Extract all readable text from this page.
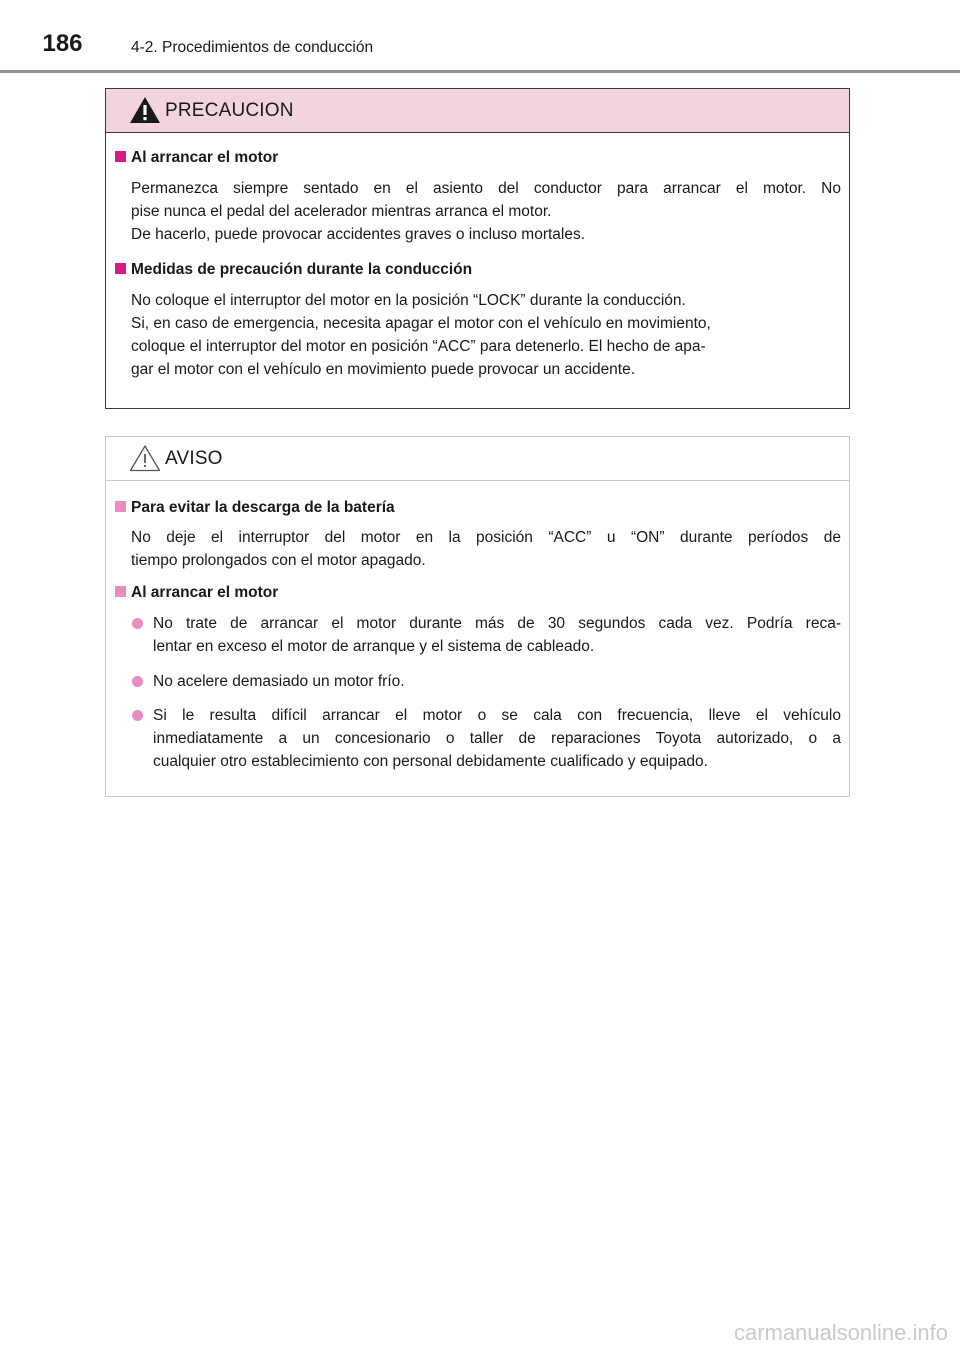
186	4-2. Procedimientos de conducción
PRECAUCION
Al arrancar el motor
Permanezca siempre sentado en el asiento del conductor para arrancar el motor. No
pise nunca el pedal del acelerador mientras arranca el motor.
De hacerlo, puede provocar accidentes graves o incluso mortales.
Medidas de precaución durante la conducción
No coloque el interruptor del motor en la posición “LOCK” durante la conducción.
Si, en caso de emergencia, necesita apagar el motor con el vehículo en movimiento,
coloque el interruptor del motor en posición “ACC” para detenerlo. El hecho de apa-
gar el motor con el vehículo en movimiento puede provocar un accidente.
AVISO
Para evitar la descarga de la batería
No deje el interruptor del motor en la posición “ACC” u “ON” durante períodos de
tiempo prolongados con el motor apagado.
Al arrancar el motor
No trate de arrancar el motor durante más de 30 segundos cada vez. Podría reca-
lentar en exceso el motor de arranque y el sistema de cableado.
No acelere demasiado un motor frío.
Si le resulta difícil arrancar el motor o se cala con frecuencia, lleve el vehículo
inmediatamente a un concesionario o taller de reparaciones Toyota autorizado, o a
cualquier otro establecimiento con personal debidamente cualificado y equipado.
carmanualsonline.info
